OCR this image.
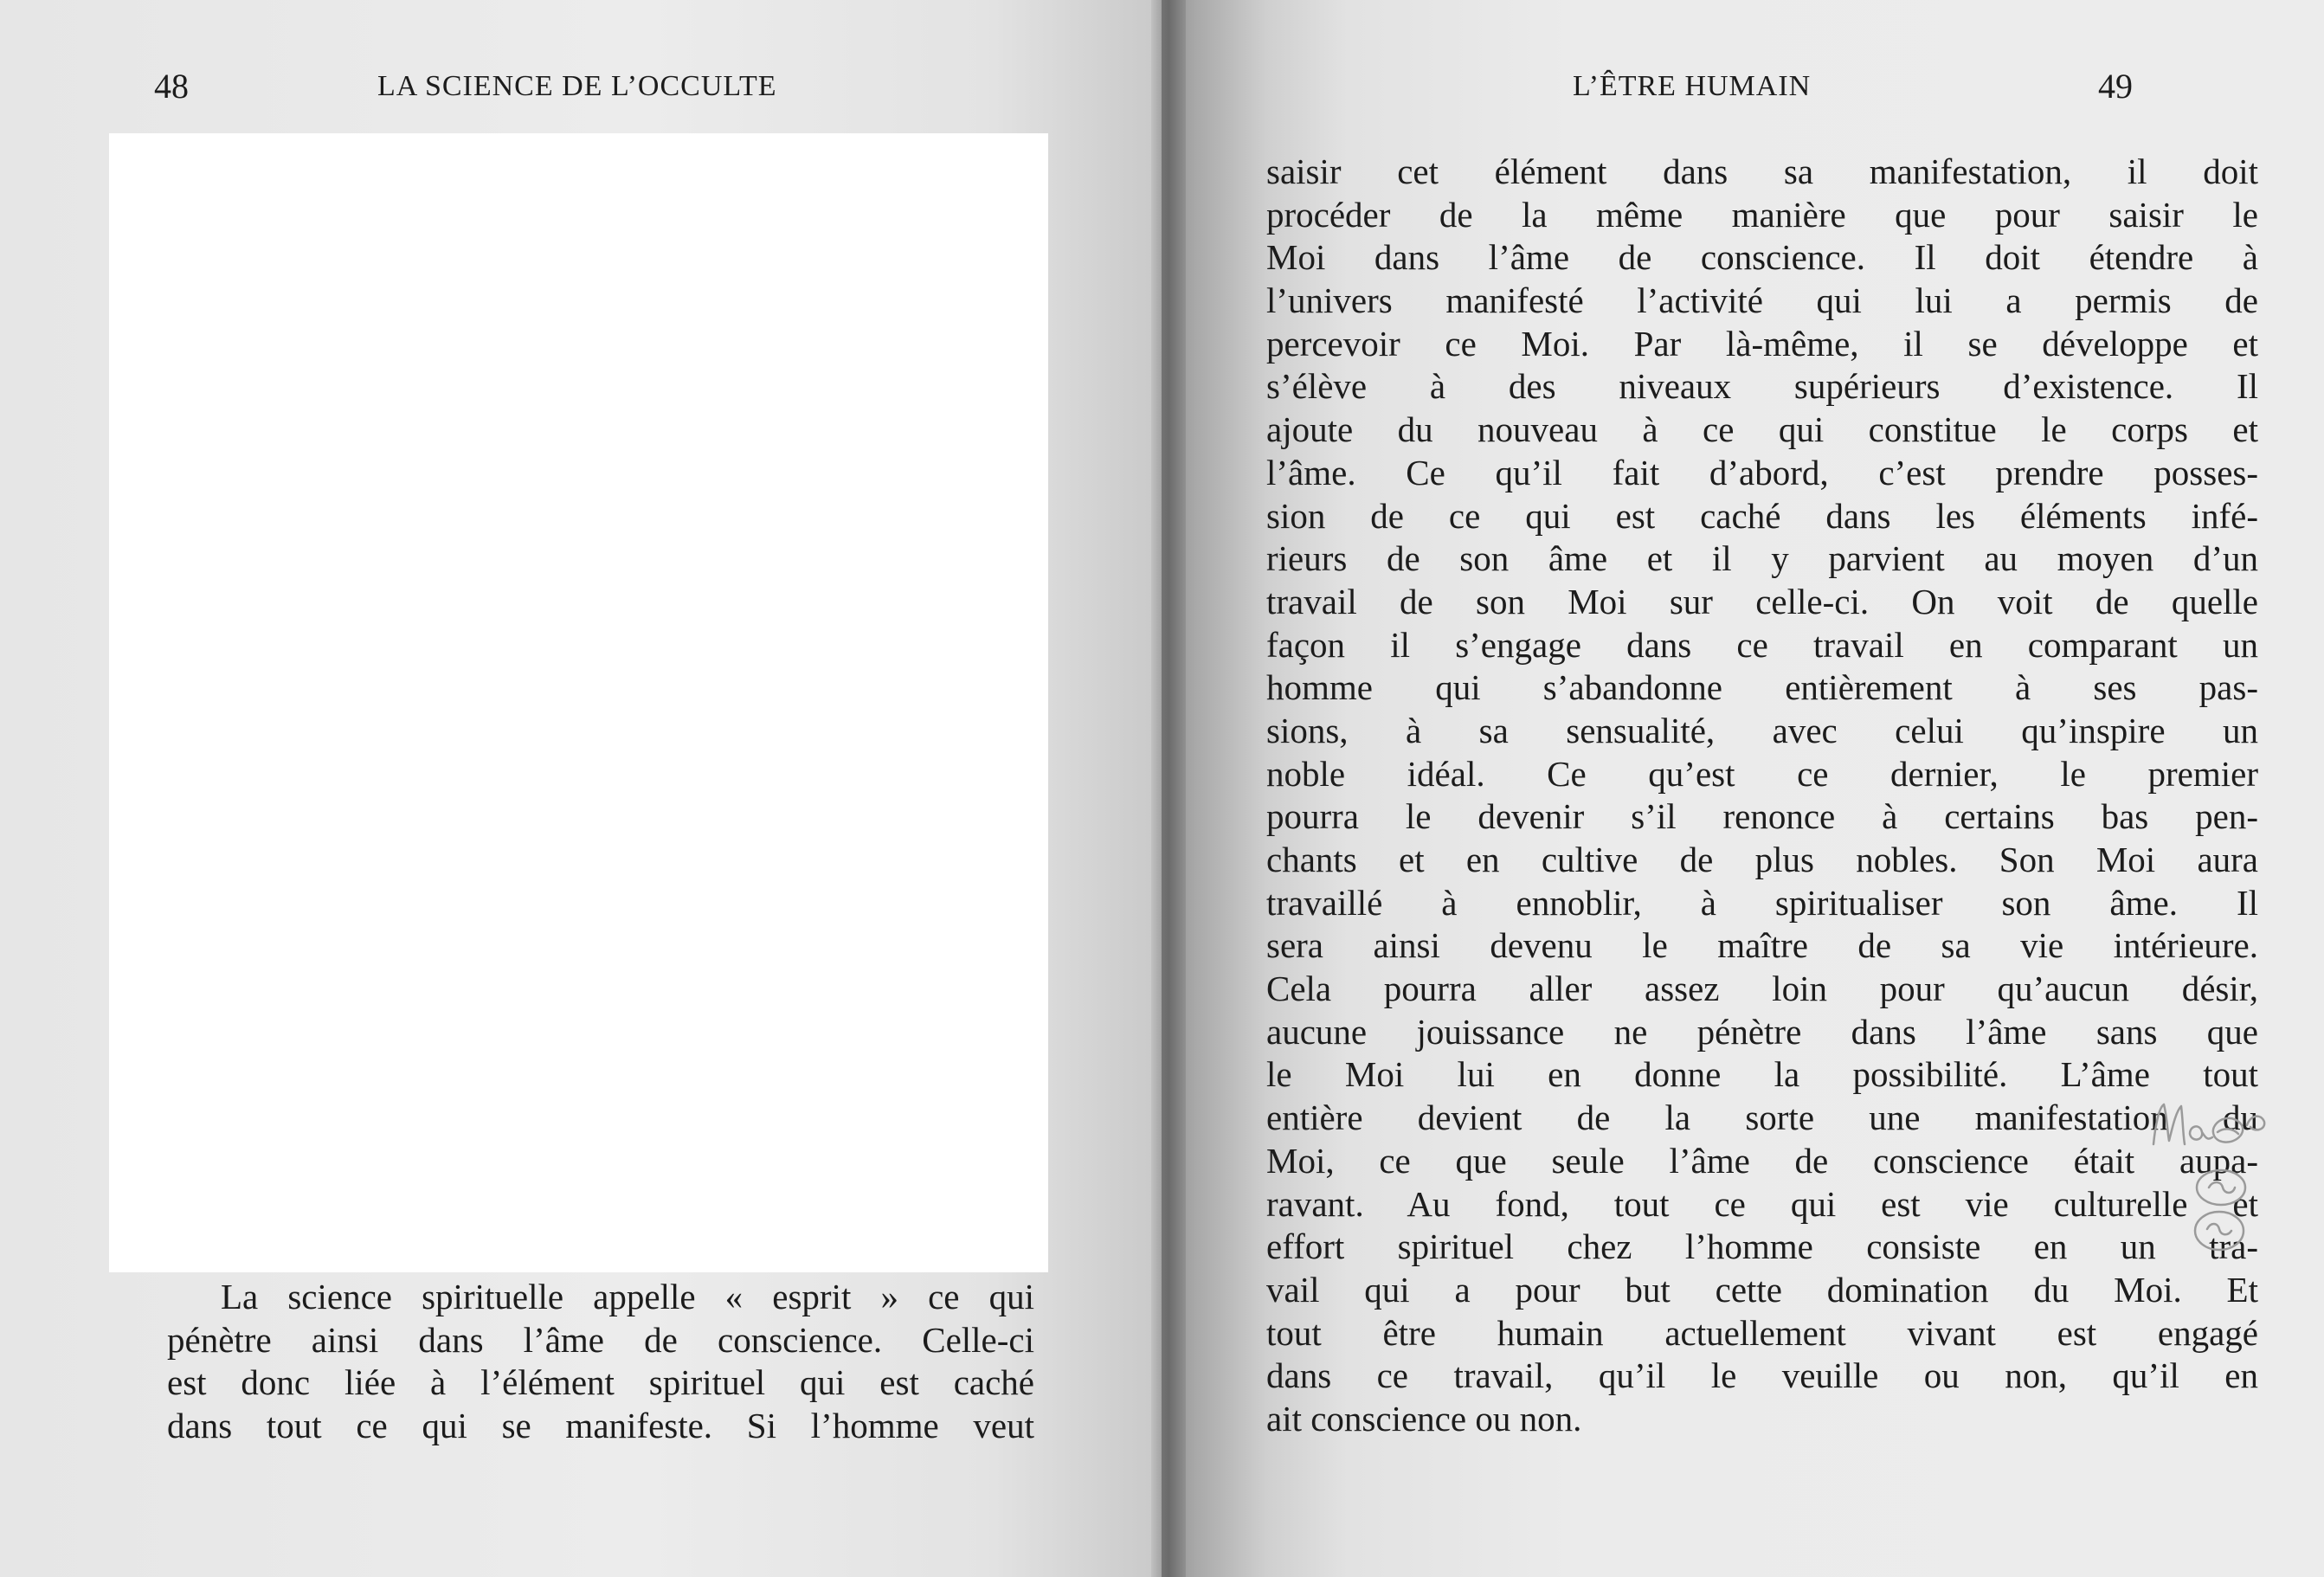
48	LA SCIENCE DE L’OCCULTE
La science spirituelle appelle « esprit » ce qui
pénètre ainsi dans l’âme de conscience. Celle-ci
est donc liée à l’élément spirituel qui est caché
dans tout ce qui se manifeste. Si l’homme veut
L’ÊTRE HUMAIN	49
saisir cet élément dans sa manifestation, il doit
procéder de la même manière que pour saisir le
Moi dans l’âme de conscience. Il doit étendre à
l’univers manifesté l’activité qui lui a permis de
percevoir ce Moi. Par là-même, il se développe et
s’élève à des niveaux supérieurs d’existence. Il
ajoute du nouveau à ce qui constitue le corps et
l’âme. Ce qu’il fait d’abord, c’est prendre posses-
sion de ce qui est caché dans les éléments infé-
rieurs de son âme et il y parvient au moyen d’un
travail de son Moi sur celle-ci. On voit de quelle
façon il s’engage dans ce travail en comparant un
homme qui s’abandonne entièrement à ses pas-
sions, à sa sensualité, avec celui qu’inspire un
noble idéal. Ce qu’est ce dernier, le premier
pourra le devenir s’il renonce à certains bas pen-
chants et en cultive de plus nobles. Son Moi aura
travaillé à ennoblir, à spiritualiser son âme. Il
sera ainsi devenu le maître de sa vie intérieure.
Cela pourra aller assez loin pour qu’aucun désir,
aucune jouissance ne pénètre dans l’âme sans que
le Moi lui en donne la possibilité. L’âme tout
entière devient de la sorte une manifestation du
Moi, ce que seule l’âme de conscience était aupa-
ravant. Au fond, tout ce qui est vie culturelle et
effort spirituel chez l’homme consiste en un tra-
vail qui a pour but cette domination du Moi. Et
tout être humain actuellement vivant est engagé
dans ce travail, qu’il le veuille ou non, qu’il en
ait conscience ou non.
